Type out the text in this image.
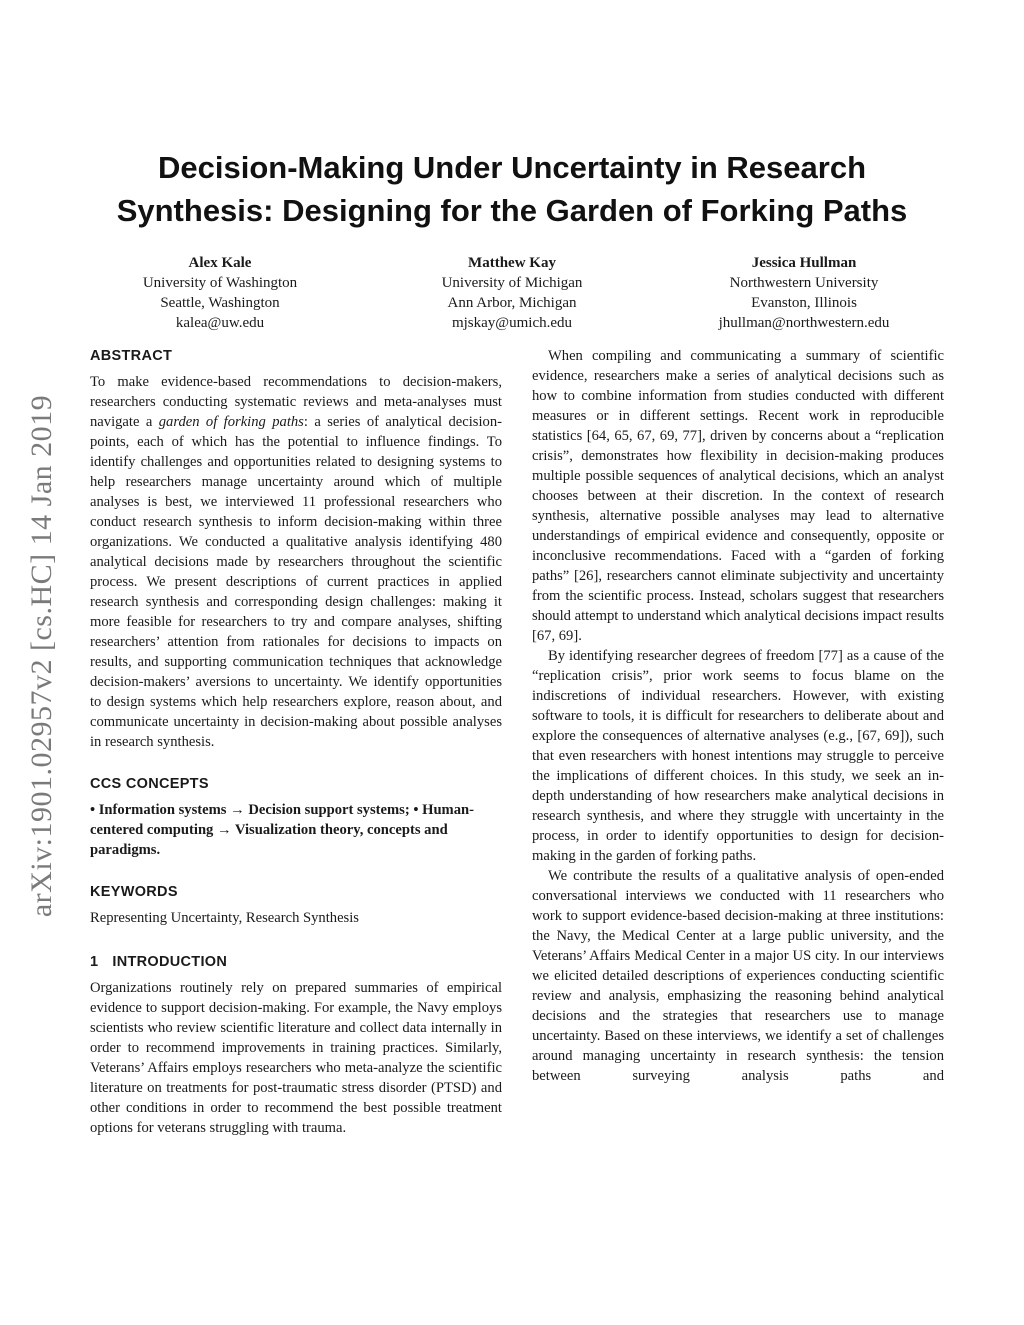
arXiv:1901.02957v2 [cs.HC] 14 Jan 2019
Decision-Making Under Uncertainty in Research
Synthesis: Designing for the Garden of Forking Paths
Alex Kale
University of Washington
Seattle, Washington
kalea@uw.edu
Matthew Kay
University of Michigan
Ann Arbor, Michigan
mjskay@umich.edu
Jessica Hullman
Northwestern University
Evanston, Illinois
jhullman@northwestern.edu
ABSTRACT

To make evidence-based recommendations to decision-makers, researchers conducting systematic reviews and meta-analyses must navigate a garden of forking paths: a series of analytical decision-points, each of which has the potential to influence findings. To identify challenges and opportunities related to designing systems to help researchers manage uncertainty around which of multiple analyses is best, we interviewed 11 professional researchers who conduct research synthesis to inform decision-making within three organizations. We conducted a qualitative analysis identifying 480 analytical decisions made by researchers throughout the scientific process. We present descriptions of current practices in applied research synthesis and corresponding design challenges: making it more feasible for researchers to try and compare analyses, shifting researchers’ attention from rationales for decisions to impacts on results, and supporting communication techniques that acknowledge decision-makers’ aversions to uncertainty. We identify opportunities to design systems which help researchers explore, reason about, and communicate uncertainty in decision-making about possible analyses in research synthesis.

CCS CONCEPTS

• Information systems → Decision support systems; • Human-centered computing → Visualization theory, concepts and paradigms.

KEYWORDS

Representing Uncertainty, Research Synthesis

1 INTRODUCTION

Organizations routinely rely on prepared summaries of empirical evidence to support decision-making. For example, the Navy employs scientists who review scientific literature and collect data internally in order to recommend improvements in training practices. Similarly, Veterans’ Affairs employs researchers who meta-analyze the scientific literature on treatments for post-traumatic stress disorder (PTSD) and other conditions in order to recommend the best possible treatment options for veterans struggling with trauma.

When compiling and communicating a summary of scientific evidence, researchers make a series of analytical decisions such as how to combine information from studies conducted with different measures or in different settings. Recent work in reproducible statistics [64, 65, 67, 69, 77], driven by concerns about a “replication crisis”, demonstrates how flexibility in decision-making produces multiple possible sequences of analytical decisions, which an analyst chooses between at their discretion. In the context of research synthesis, alternative possible analyses may lead to alternative understandings of empirical evidence and consequently, opposite or inconclusive recommendations. Faced with a “garden of forking paths” [26], researchers cannot eliminate subjectivity and uncertainty from the scientific process. Instead, scholars suggest that researchers should attempt to understand which analytical decisions impact results [67, 69].

By identifying researcher degrees of freedom [77] as a cause of the “replication crisis”, prior work seems to focus blame on the indiscretions of individual researchers. However, with existing software to tools, it is difficult for researchers to deliberate about and explore the consequences of alternative analyses (e.g., [67, 69]), such that even researchers with honest intentions may struggle to perceive the implications of different choices. In this study, we seek an in-depth understanding of how researchers make analytical decisions in research synthesis, and where they struggle with uncertainty in the process, in order to identify opportunities to design for decision-making in the garden of forking paths.

We contribute the results of a qualitative analysis of open-ended conversational interviews we conducted with 11 researchers who work to support evidence-based decision-making at three institutions: the Navy, the Medical Center at a large public university, and the Veterans’ Affairs Medical Center in a major US city. In our interviews we elicited detailed descriptions of experiences conducting scientific review and analysis, emphasizing the reasoning behind analytical decisions and the strategies that researchers use to manage uncertainty. Based on these interviews, we identify a set of challenges around managing uncertainty in research synthesis: the tension between surveying analysis paths and
